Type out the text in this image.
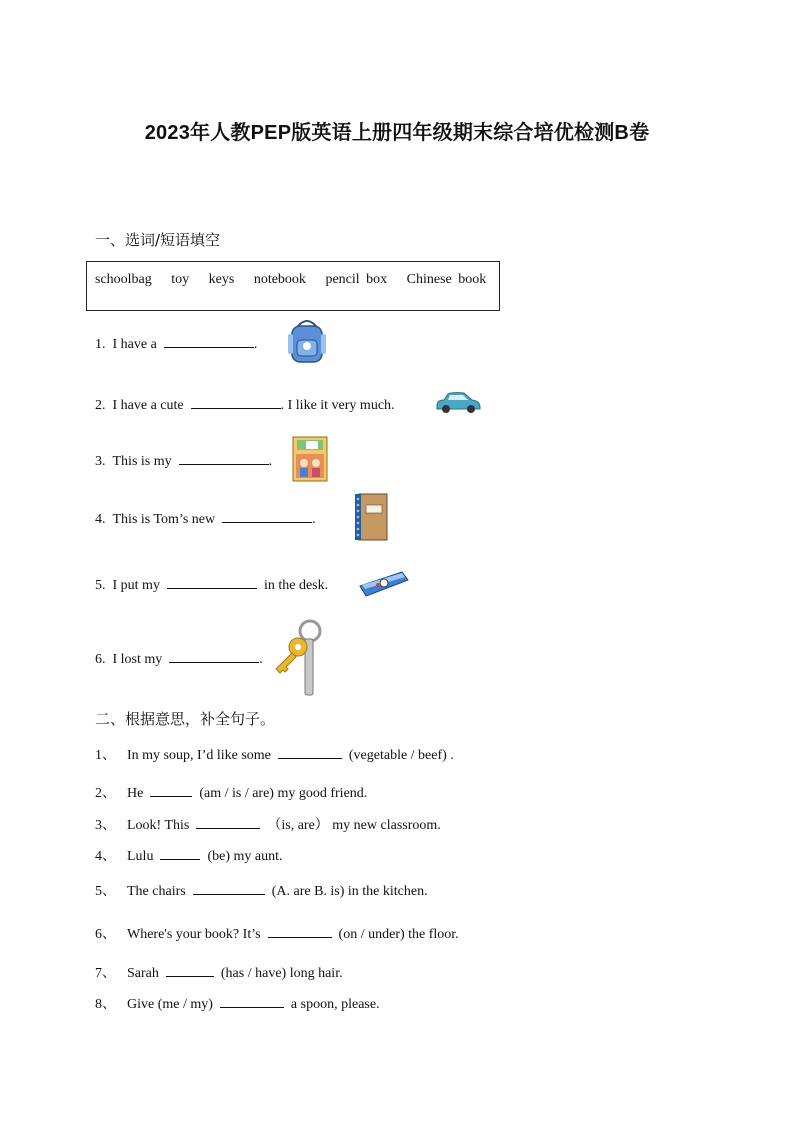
2023年人教PEP版英语上册四年级期末综合培优检测B卷
一、选词/短语填空
schoolbag toy keys notebook pencil box Chinese book
1. I have a	.
2. I have a cute	. I like it very much.
3. This is my	.
4. This is Tom’s new	.
5. I put my	in the desk.
6. I lost my	.
二、根据意思，补全句子。
1、 In my soup, I’d like some	(vegetable / beef) .
2、 He	(am / is / are) my good friend.
3、 Look! This	（is, are） my new classroom.
4、 Lulu	(be) my aunt.
5、 The chairs	(A. are B. is) in the kitchen.
6、 Where's your book? It’s	(on / under) the floor.
7、 Sarah	(has / have) long hair.
8、 Give (me / my)	a spoon, please.
